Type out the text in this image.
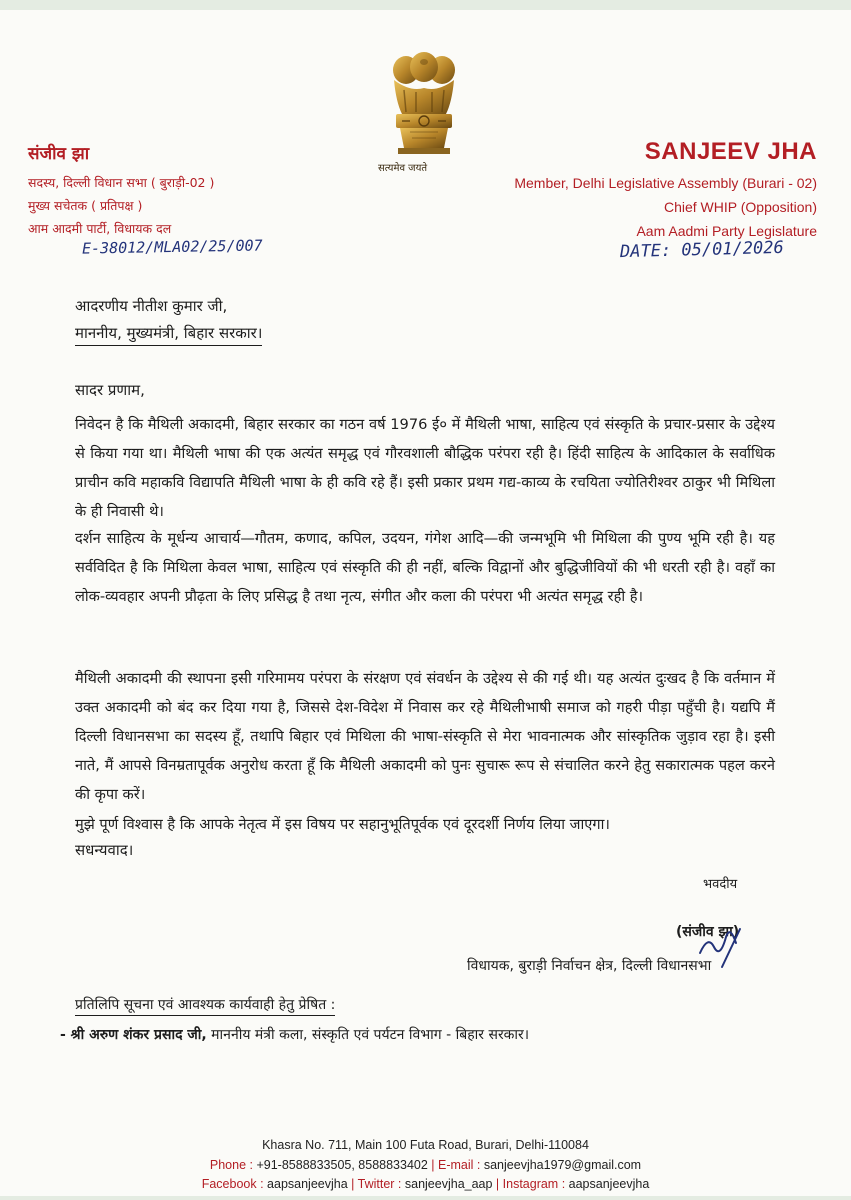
सत्यमेव जयते
संजीव झा
सदस्य, दिल्ली विधान सभा ( बुराड़ी-02 )
मुख्य सचेतक ( प्रतिपक्ष )
आम आदमी पार्टी, विधायक दल
SANJEEV JHA
Member, Delhi Legislative Assembly (Burari - 02)
Chief WHIP (Opposition)
Aam Aadmi Party Legislature
E-38012/MLA02/25/007	DATE: 05/01/2026
आदरणीय नीतीश कुमार जी,
माननीय, मुख्यमंत्री, बिहार सरकार।
सादर प्रणाम,

निवेदन है कि मैथिली अकादमी, बिहार सरकार का गठन वर्ष 1976 ई० में मैथिली भाषा, साहित्य एवं संस्कृति के प्रचार-प्रसार के उद्देश्य से किया गया था। मैथिली भाषा की एक अत्यंत समृद्ध एवं गौरवशाली बौद्धिक परंपरा रही है। हिंदी साहित्य के आदिकाल के सर्वाधिक प्राचीन कवि महाकवि विद्यापति मैथिली भाषा के ही कवि रहे हैं। इसी प्रकार प्रथम गद्य-काव्य के रचयिता ज्योतिरीश्वर ठाकुर भी मिथिला के ही निवासी थे।

दर्शन साहित्य के मूर्धन्य आचार्य—गौतम, कणाद, कपिल, उदयन, गंगेश आदि—की जन्मभूमि भी मिथिला की पुण्य भूमि रही है। यह सर्वविदित है कि मिथिला केवल भाषा, साहित्य एवं संस्कृति की ही नहीं, बल्कि विद्वानों और बुद्धिजीवियों की भी धरती रही है। वहाँ का लोक-व्यवहार अपनी प्रौढ़ता के लिए प्रसिद्ध है तथा नृत्य, संगीत और कला की परंपरा भी अत्यंत समृद्ध रही है।

मैथिली अकादमी की स्थापना इसी गरिमामय परंपरा के संरक्षण एवं संवर्धन के उद्देश्य से की गई थी। यह अत्यंत दुःखद है कि वर्तमान में उक्त अकादमी को बंद कर दिया गया है, जिससे देश-विदेश में निवास कर रहे मैथिलीभाषी समाज को गहरी पीड़ा पहुँची है। यद्यपि मैं दिल्ली विधानसभा का सदस्य हूँ, तथापि बिहार एवं मिथिला की भाषा-संस्कृति से मेरा भावनात्मक और सांस्कृतिक जुड़ाव रहा है। इसी नाते, मैं आपसे विनम्रतापूर्वक अनुरोध करता हूँ कि मैथिली अकादमी को पुनः सुचारू रूप से संचालित करने हेतु सकारात्मक पहल करने की कृपा करें।

मुझे पूर्ण विश्वास है कि आपके नेतृत्व में इस विषय पर सहानुभूतिपूर्वक एवं दूरदर्शी निर्णय लिया जाएगा।

सधन्यवाद।
भवदीय
(संजीव झा)
विधायक, बुराड़ी निर्वाचन क्षेत्र, दिल्ली विधानसभा
प्रतिलिपि सूचना एवं आवश्यक कार्यवाही हेतु प्रेषित :
- श्री अरुण शंकर प्रसाद जी, माननीय मंत्री कला, संस्कृति एवं पर्यटन विभाग - बिहार सरकार।
Khasra No. 711, Main 100 Futa Road, Burari, Delhi-110084
Phone : +91-8588833505, 8588833402 | E-mail : sanjeevjha1979@gmail.com
Facebook : aapsanjeevjha | Twitter : sanjeevjha_aap | Instagram : aapsanjeevjha
